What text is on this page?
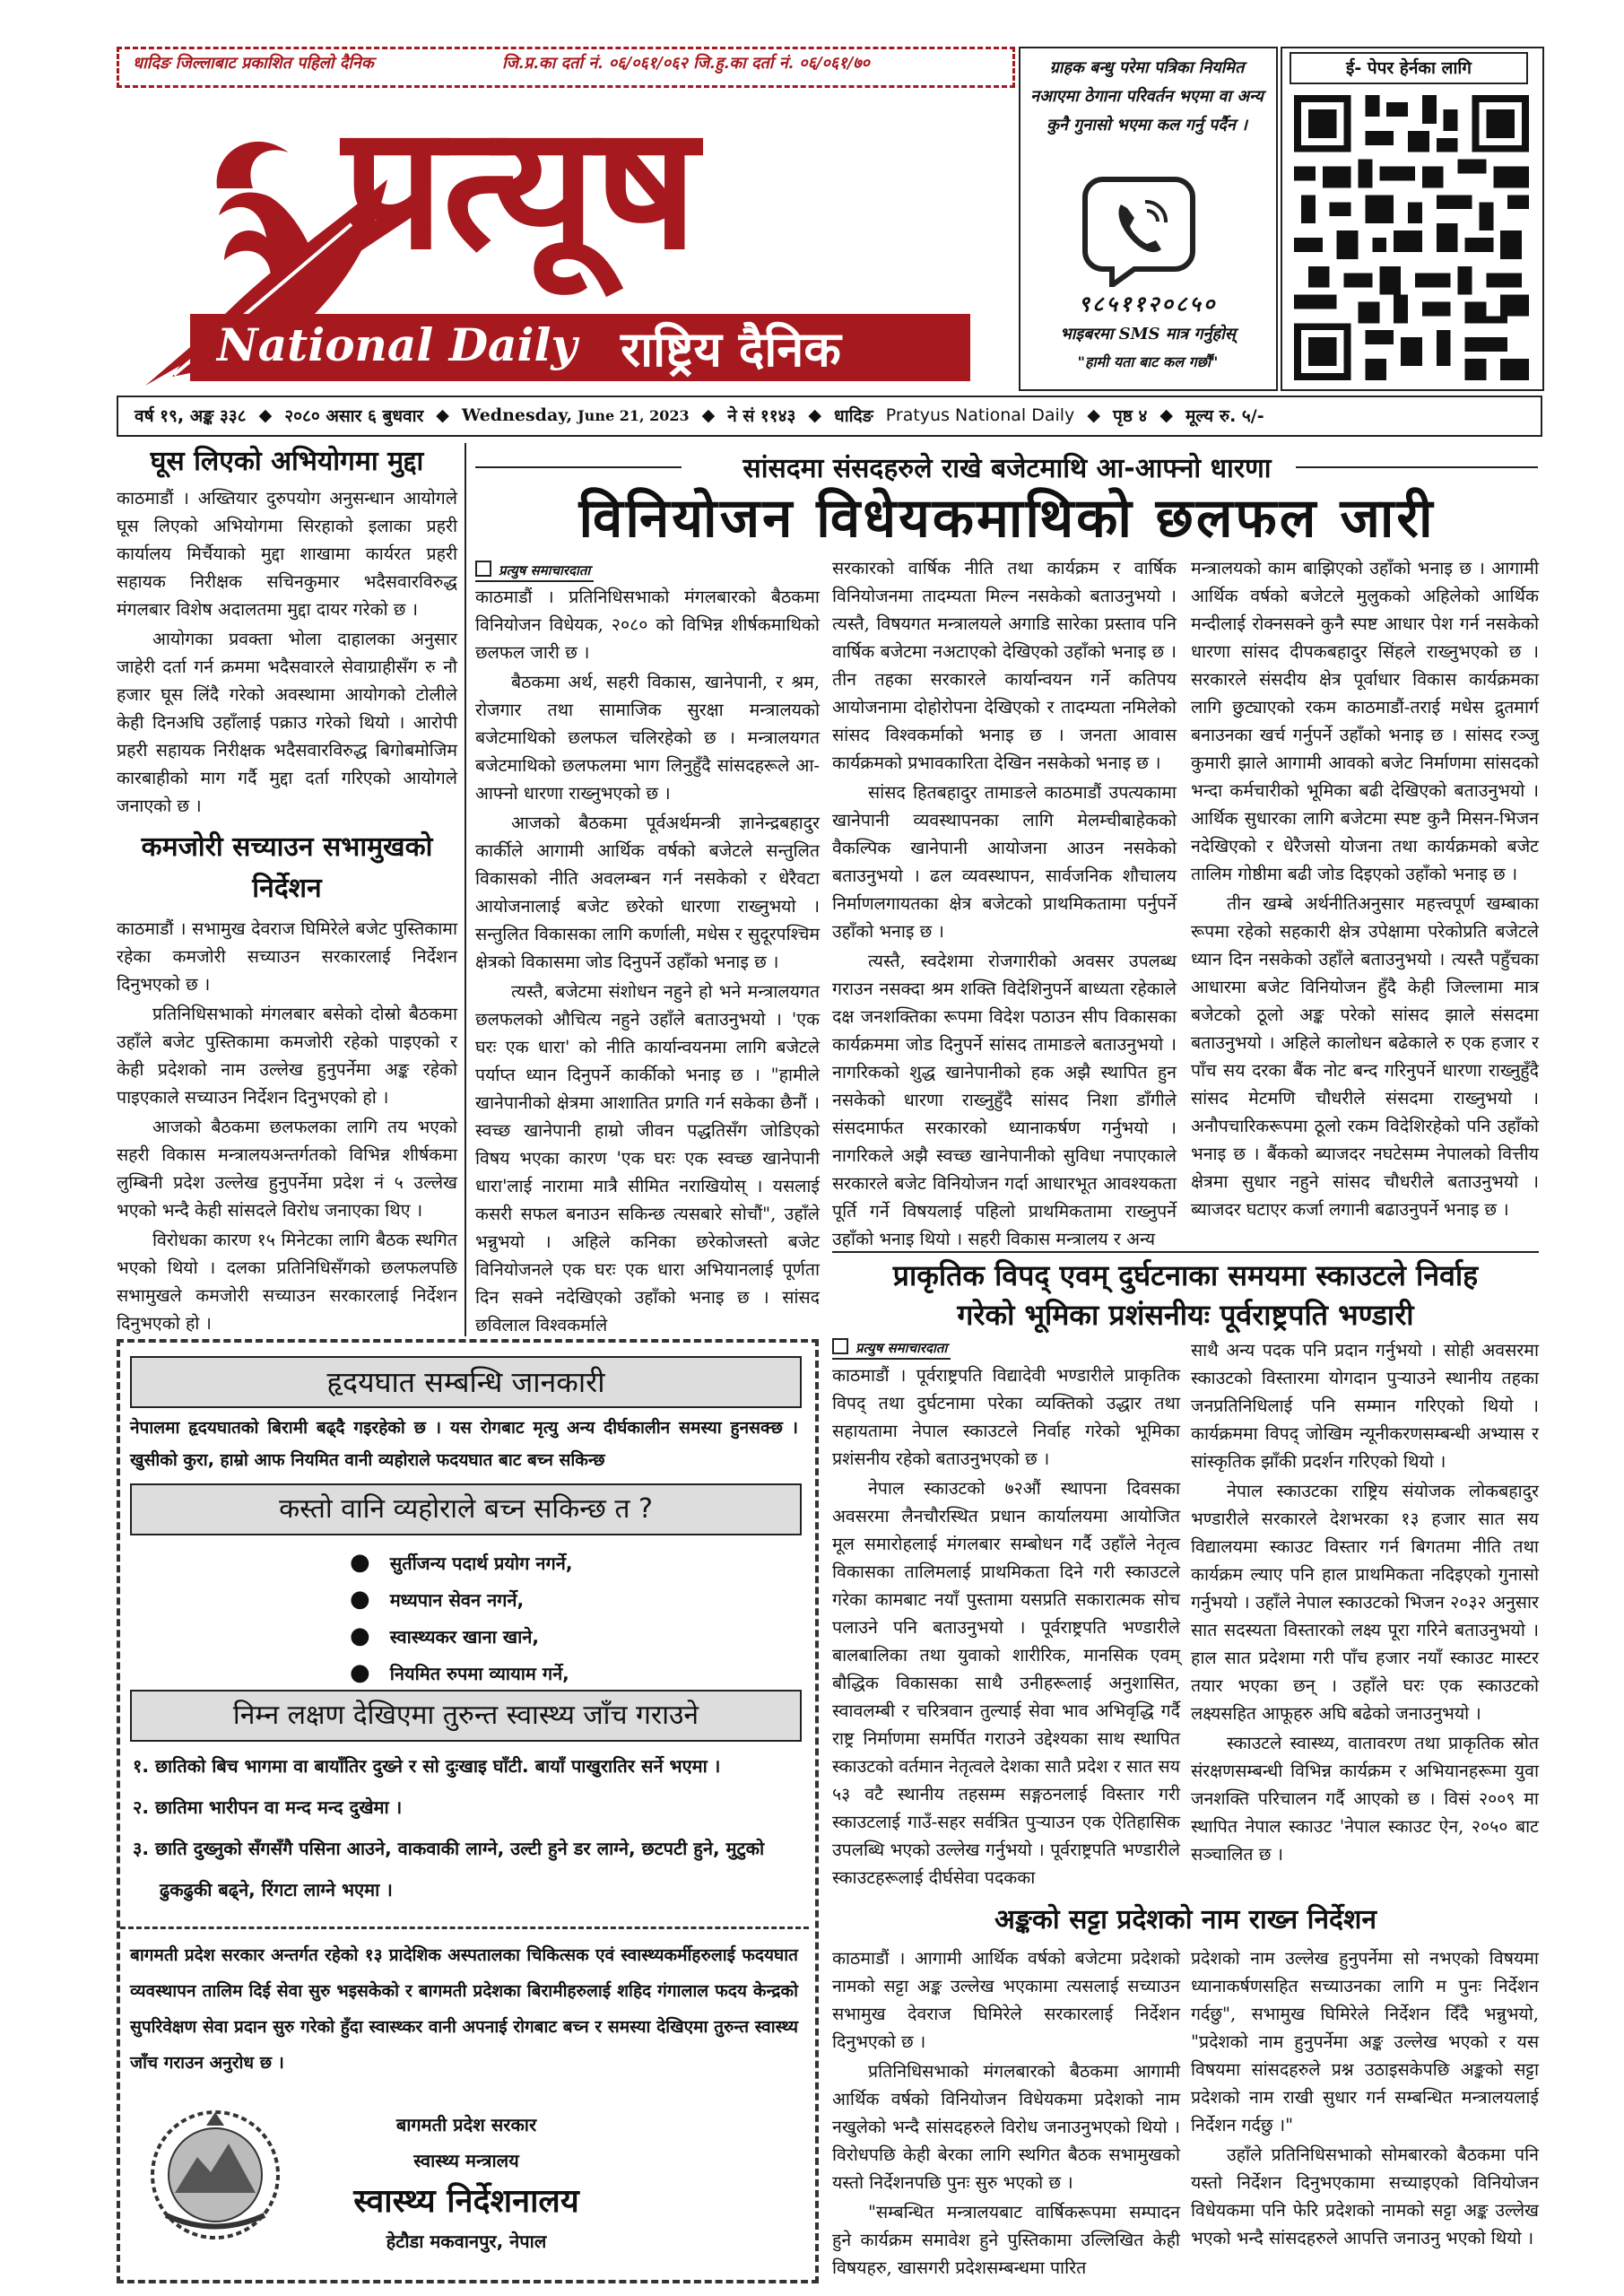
धादिङ जिल्लाबाट प्रकाशित पहिलो दैनिक	जि.प्र.का दर्ता नं. ०६/०६१/०६२ जि.हु.का दर्ता नं. ०६/०६१/७०
प्रत्यूष
National Daily राष्ट्रिय दैनिक
ग्राहक बन्धु परेमा पत्रिका नियमित नआएमा ठेगाना परिवर्तन भएमा वा अन्य कुनै गुनासो भएमा कल गर्नु पर्दैन ।
९८५११२०८५०
भाइबरमा SMS मात्र गर्नुहोस्
"हामी यता बाट कल गर्छौं"
ई- पेपर हेर्नका लागि
वर्ष १९, अङ्क ३३८ ◆ २०८० असार ६ बुधवार ◆ Wednesday, June 21, 2023 ◆ ने सं ११४३ ◆ धादिङ Pratyus National Daily ◆ पृष्ठ ४ ◆ मूल्य रु. ५/-
घूस लिएको अभियोगमा मुद्दा

काठमाडौं । अख्तियार दुरुपयोग अनुसन्धान आयोगले घूस लिएको अभियोगमा सिरहाको इलाका प्रहरी कार्यालय मिर्चैयाको मुद्दा शाखामा कार्यरत प्रहरी सहायक निरीक्षक सचिनकुमार भदैसवारविरुद्ध मंगलबार विशेष अदालतमा मुद्दा दायर गरेको छ ।

आयोगका प्रवक्ता भोला दाहालका अनुसार जाहेरी दर्ता गर्न क्रममा भदैसवारले सेवाग्राहीसँग रु नौ हजार घूस लिंदै गरेको अवस्थामा आयोगको टोलीले केही दिनअघि उहाँलाई पक्राउ गरेको थियो । आरोपी प्रहरी सहायक निरीक्षक भदैसवारविरुद्ध बिगोबमोजिम कारबाहीको माग गर्दै मुद्दा दर्ता गरिएको आयोगले जनाएको छ ।

कमजोरी सच्याउन सभामुखको निर्देशन

काठमाडौं । सभामुख देवराज घिमिरेले बजेट पुस्तिकामा रहेका कमजोरी सच्याउन सरकारलाई निर्देशन दिनुभएको छ ।

प्रतिनिधिसभाको मंगलबार बसेको दोस्रो बैठकमा उहाँले बजेट पुस्तिकामा कमजोरी रहेको पाइएको र केही प्रदेशको नाम उल्लेख हुनुपर्नेमा अङ्क रहेको पाइएकाले सच्याउन निर्देशन दिनुभएको हो ।

आजको बैठकमा छलफलका लागि तय भएको सहरी विकास मन्त्रालयअन्तर्गतको विभिन्न शीर्षकमा लुम्बिनी प्रदेश उल्लेख हुनुपर्नेमा प्रदेश नं ५ उल्लेख भएको भन्दै केही सांसदले विरोध जनाएका थिए ।

विरोधका कारण १५ मिनेटका लागि बैठक स्थगित भएको थियो । दलका प्रतिनिधिसँगको छलफलपछि सभामुखले कमजोरी सच्याउन सरकारलाई निर्देशन दिनुभएको हो ।

सांसदमा संसदहरुले राखे बजेटमाथि आ-आफ्नो धारणा
विनियोजन विधेयकमाथिको छलफल जारी
प्रत्युष समाचारदाता

काठमाडौं । प्रतिनिधिसभाको मंगलबारको बैठकमा विनियोजन विधेयक, २०८० को विभिन्न शीर्षकमाथिको छलफल जारी छ ।

बैठकमा अर्थ, सहरी विकास, खानेपानी, र श्रम, रोजगार तथा सामाजिक सुरक्षा मन्त्रालयको बजेटमाथिको छलफल चलिरहेको छ । मन्त्रालयगत बजेटमाथिको छलफलमा भाग लिनुहुँदै सांसदहरूले आ-आफ्नो धारणा राख्नुभएको छ ।

आजको बैठकमा पूर्वअर्थमन्त्री ज्ञानेन्द्रबहादुर कार्कीले आगामी आर्थिक वर्षको बजेटले सन्तुलित विकासको नीति अवलम्बन गर्न नसकेको र धेरैवटा आयोजनालाई बजेट छरेको धारणा राख्नुभयो । सन्तुलित विकासका लागि कर्णाली, मधेस र सुदूरपश्चिम क्षेत्रको विकासमा जोड दिनुपर्ने उहाँको भनाइ छ ।

त्यस्तै, बजेटमा संशोधन नहुने हो भने मन्त्रालयगत छलफलको औचित्य नहुने उहाँले बताउनुभयो । 'एक घरः एक धारा' को नीति कार्यान्वयनमा लागि बजेटले पर्याप्त ध्यान दिनुपर्ने कार्कीको भनाइ छ । "हामीले खानेपानीको क्षेत्रमा आशातित प्रगति गर्न सकेका छैनौं । स्वच्छ खानेपानी हाम्रो जीवन पद्धतिसँग जोडिएको विषय भएका कारण 'एक घरः एक स्वच्छ खानेपानी धारा'लाई नारामा मात्रै सीमित नराखियोस् । यसलाई कसरी सफल बनाउन सकिन्छ त्यसबारे सोचौं", उहाँले भन्नुभयो । अहिले कनिका छरेकोजस्तो बजेट विनियोजनले एक घरः एक धारा अभियानलाई पूर्णता दिन सक्ने नदेखिएको उहाँको भनाइ छ । सांसद छविलाल विश्वकर्माले

सरकारको वार्षिक नीति तथा कार्यक्रम र वार्षिक विनियोजनमा तादम्यता मिल्न नसकेको बताउनुभयो । त्यस्तै, विषयगत मन्त्रालयले अगाडि सारेका प्रस्ताव पनि वार्षिक बजेटमा नअटाएको देखिएको उहाँको भनाइ छ । तीन तहका सरकारले कार्यान्वयन गर्ने कतिपय आयोजनामा दोहोरोपना देखिएको र तादम्यता नमिलेको सांसद विश्वकर्माको भनाइ छ । जनता आवास कार्यक्रमको प्रभावकारिता देखिन नसकेको भनाइ छ ।

सांसद हितबहादुर तामाङले काठमाडौं उपत्यकामा खानेपानी व्यवस्थापनका लागि मेलम्चीबाहेकको वैकल्पिक खानेपानी आयोजना आउन नसकेको बताउनुभयो । ढल व्यवस्थापन, सार्वजनिक शौचालय निर्माणलगायतका क्षेत्र बजेटको प्राथमिकतामा पर्नुपर्ने उहाँको भनाइ छ ।

त्यस्तै, स्वदेशमा रोजगारीको अवसर उपलब्ध गराउन नसक्दा श्रम शक्ति विदेशिनुपर्ने बाध्यता रहेकाले दक्ष जनशक्तिका रूपमा विदेश पठाउन सीप विकासका कार्यक्रममा जोड दिनुपर्ने सांसद तामाङले बताउनुभयो । नागरिकको शुद्ध खानेपानीको हक अझै स्थापित हुन नसकेको धारणा राख्नुहुँदै सांसद निशा डाँगीले संसदमार्फत सरकारको ध्यानाकर्षण गर्नुभयो । नागरिकले अझै स्वच्छ खानेपानीको सुविधा नपाएकाले सरकारले बजेट विनियोजन गर्दा आधारभूत आवश्यकता पूर्ति गर्ने विषयलाई पहिलो प्राथमिकतामा राख्नुपर्ने उहाँको भनाइ थियो । सहरी विकास मन्त्रालय र अन्य

मन्त्रालयको काम बाझिएको उहाँको भनाइ छ । आगामी आर्थिक वर्षको बजेटले मुलुकको अहिलेको आर्थिक मन्दीलाई रोक्नसक्ने कुनै स्पष्ट आधार पेश गर्न नसकेको धारणा सांसद दीपकबहादुर सिंहले राख्नुभएको छ । सरकारले संसदीय क्षेत्र पूर्वाधार विकास कार्यक्रमका लागि छुट्याएको रकम काठमाडौं-तराई मधेस द्रुतमार्ग बनाउनका खर्च गर्नुपर्ने उहाँको भनाइ छ । सांसद रञ्जु कुमारी झाले आगामी आवको बजेट निर्माणमा सांसदको भन्दा कर्मचारीको भूमिका बढी देखिएको बताउनुभयो । आर्थिक सुधारका लागि बजेटमा स्पष्ट कुनै मिसन-भिजन नदेखिएको र धेरैजसो योजना तथा कार्यक्रमको बजेट तालिम गोष्ठीमा बढी जोड दिइएको उहाँको भनाइ छ ।

तीन खम्बे अर्थनीतिअनुसार महत्त्वपूर्ण खम्बाका रूपमा रहेको सहकारी क्षेत्र उपेक्षामा परेकोप्रति बजेटले ध्यान दिन नसकेको उहाँले बताउनुभयो । त्यस्तै पहुँचका आधारमा बजेट विनियोजन हुँदै केही जिल्लामा मात्र बजेटको ठूलो अङ्क परेको सांसद झाले संसदमा बताउनुभयो । अहिले कालोधन बढेकाले रु एक हजार र पाँच सय दरका बैंक नोट बन्द गरिनुपर्ने धारणा राख्नुहुँदै सांसद मेटमणि चौधरीले संसदमा राख्नुभयो । अनौपचारिकरूपमा ठूलो रकम विदेशिरहेको पनि उहाँको भनाइ छ । बैंकको ब्याजदर नघटेसम्म नेपालको वित्तीय क्षेत्रमा सुधार नहुने सांसद चौधरीले बताउनुभयो । ब्याजदर घटाएर कर्जा लगानी बढाउनुपर्ने भनाइ छ ।

हृदयघात सम्बन्धि जानकारी
नेपालमा हृदयघातको बिरामी बढ्दै गइरहेको छ । यस रोगबाट मृत्यु अन्य दीर्घकालीन समस्या हुनसक्छ । खुसीको कुरा, हाम्रो आफ नियमित वानी व्यहोराले फदयघात बाट बच्न सकिन्छ
कस्तो वानि व्यहोराले बच्न सकिन्छ त ?
● सुर्तीजन्य पदार्थ प्रयोग नगर्ने,
● मध्यपान सेवन नगर्ने,
● स्वास्थ्यकर खाना खाने,
● नियमित रुपमा व्यायाम गर्ने,
निम्न लक्षण देखिएमा तुरुन्त स्वास्थ्य जाँच गराउने
१. छातिको बिच भागमा वा बायाँतिर दुख्ने र सो दुःखाइ घाँटी. बायाँ पाखुरातिर सर्ने भएमा ।
२. छातिमा भारीपन वा मन्द मन्द दुखेमा ।
३. छाति दुख्नुको सँगसँगै पसिना आउने, वाकवाकी लाग्ने, उल्टी हुने डर लाग्ने, छटपटी हुने, मुटुको ढुकढुकी बढ्ने, रिंगटा लाग्ने भएमा ।
बागमती प्रदेश सरकार अन्तर्गत रहेको १३ प्रादेशिक अस्पतालका चिकित्सक एवं स्वास्थ्यकर्मीहरुलाई फदयघात व्यवस्थापन तालिम दिई सेवा सुरु भइसकेको र बागमती प्रदेशका बिरामीहरुलाई शहिद गंगालाल फदय केन्द्रको सुपरिवेक्षण सेवा प्रदान सुरु गरेको हुँदा स्वास्थ्कर वानी अपनाई रोगबाट बच्न र समस्या देखिएमा तुरुन्त स्वास्थ्य जाँच गराउन अनुरोध छ ।
बागमती प्रदेश सरकार
स्वास्थ्य मन्त्रालय
स्वास्थ्य निर्देशनालय
हेटौडा मकवानपुर, नेपाल
प्राकृतिक विपद् एवम् दुर्घटनाका समयमा स्काउटले निर्वाह
गरेको भूमिका प्रशंसनीयः पूर्वराष्ट्रपति भण्डारी
प्रत्युष समाचारदाता

काठमाडौं । पूर्वराष्ट्रपति विद्यादेवी भण्डारीले प्राकृतिक विपद् तथा दुर्घटनामा परेका व्यक्तिको उद्धार तथा सहायतामा नेपाल स्काउटले निर्वाह गरेको भूमिका प्रशंसनीय रहेको बताउनुभएको छ ।

नेपाल स्काउटको ७२औं स्थापना दिवसका अवसरमा लैनचौरस्थित प्रधान कार्यालयमा आयोजित मूल समारोहलाई मंगलबार सम्बोधन गर्दै उहाँले नेतृत्व विकासका तालिमलाई प्राथमिकता दिने गरी स्काउटले गरेका कामबाट नयाँ पुस्तामा यसप्रति सकारात्मक सोच पलाउने पनि बताउनुभयो । पूर्वराष्ट्रपति भण्डारीले बालबालिका तथा युवाको शारीरिक, मानसिक एवम् बौद्धिक विकासका साथै उनीहरूलाई अनुशासित, स्वावलम्बी र चरित्रवान तुल्याई सेवा भाव अभिवृद्धि गर्दै राष्ट्र निर्माणमा समर्पित गराउने उद्देश्यका साथ स्थापित स्काउटको वर्तमान नेतृत्वले देशका सातै प्रदेश र सात सय ५३ वटै स्थानीय तहसम्म सङ्गठनलाई विस्तार गरी स्काउटलाई गाउँ-सहर सर्वत्रित पुऱ्याउन एक ऐतिहासिक उपलब्धि भएको उल्लेख गर्नुभयो । पूर्वराष्ट्रपति भण्डारीले स्काउटहरूलाई दीर्घसेवा पदकका

साथै अन्य पदक पनि प्रदान गर्नुभयो । सोही अवसरमा स्काउटको विस्तारमा योगदान पुऱ्याउने स्थानीय तहका जनप्रतिनिधिलाई पनि सम्मान गरिएको थियो । कार्यक्रममा विपद् जोखिम न्यूनीकरणसम्बन्धी अभ्यास र सांस्कृतिक झाँकी प्रदर्शन गरिएको थियो ।

नेपाल स्काउटका राष्ट्रिय संयोजक लोकबहादुर भण्डारीले सरकारले देशभरका १३ हजार सात सय विद्यालयमा स्काउट विस्तार गर्न बिगतमा नीति तथा कार्यक्रम ल्याए पनि हाल प्राथमिकता नदिइएको गुनासो गर्नुभयो । उहाँले नेपाल स्काउटको भिजन २०३२ अनुसार सात सदस्यता विस्तारको लक्ष्य पूरा गरिने बताउनुभयो । हाल सात प्रदेशमा गरी पाँच हजार नयाँ स्काउट मास्टर तयार भएका छन् । उहाँले घरः एक स्काउटको लक्ष्यसहित आफूहरु अघि बढेको जनाउनुभयो ।

स्काउटले स्वास्थ्य, वातावरण तथा प्राकृतिक स्रोत संरक्षणसम्बन्धी विभिन्न कार्यक्रम र अभियानहरूमा युवा जनशक्ति परिचालन गर्दै आएको छ । विसं २००९ मा स्थापित नेपाल स्काउट 'नेपाल स्काउट ऐन, २०५० बाट सञ्चालित छ ।

अङ्कको सट्टा प्रदेशको नाम राख्न निर्देशन

काठमाडौं । आगामी आर्थिक वर्षको बजेटमा प्रदेशको नामको सट्टा अङ्क उल्लेख भएकामा त्यसलाई सच्याउन सभामुख देवराज घिमिरेले सरकारलाई निर्देशन दिनुभएको छ ।

प्रतिनिधिसभाको मंगलबारको बैठकमा आगामी आर्थिक वर्षको विनियोजन विधेयकमा प्रदेशको नाम नखुलेको भन्दै सांसदहरुले विरोध जनाउनुभएको थियो । विरोधपछि केही बेरका लागि स्थगित बैठक सभामुखको यस्तो निर्देशनपछि पुनः सुरु भएको छ ।

"सम्बन्धित मन्त्रालयबाट वार्षिकरूपमा सम्पादन हुने कार्यक्रम समावेश हुने पुस्तिकामा उल्लिखित केही विषयहरु, खासगरी प्रदेशसम्बन्धमा पारित

प्रदेशको नाम उल्लेख हुनुपर्नेमा सो नभएको विषयमा ध्यानाकर्षणसहित सच्याउनका लागि म पुनः निर्देशन गर्दछु", सभामुख घिमिरेले निर्देशन दिँदै भन्नुभयो, "प्रदेशको नाम हुनुपर्नेमा अङ्क उल्लेख भएको र यस विषयमा सांसदहरुले प्रश्न उठाइसकेपछि अङ्कको सट्टा प्रदेशको नाम राखी सुधार गर्न सम्बन्धित मन्त्रालयलाई निर्देशन गर्दछु ।"

उहाँले प्रतिनिधिसभाको सोमबारको बैठकमा पनि यस्तो निर्देशन दिनुभएकामा सच्याइएको विनियोजन विधेयकमा पनि फेरि प्रदेशको नामको सट्टा अङ्क उल्लेख भएको भन्दै सांसदहरुले आपत्ति जनाउनु भएको थियो ।
